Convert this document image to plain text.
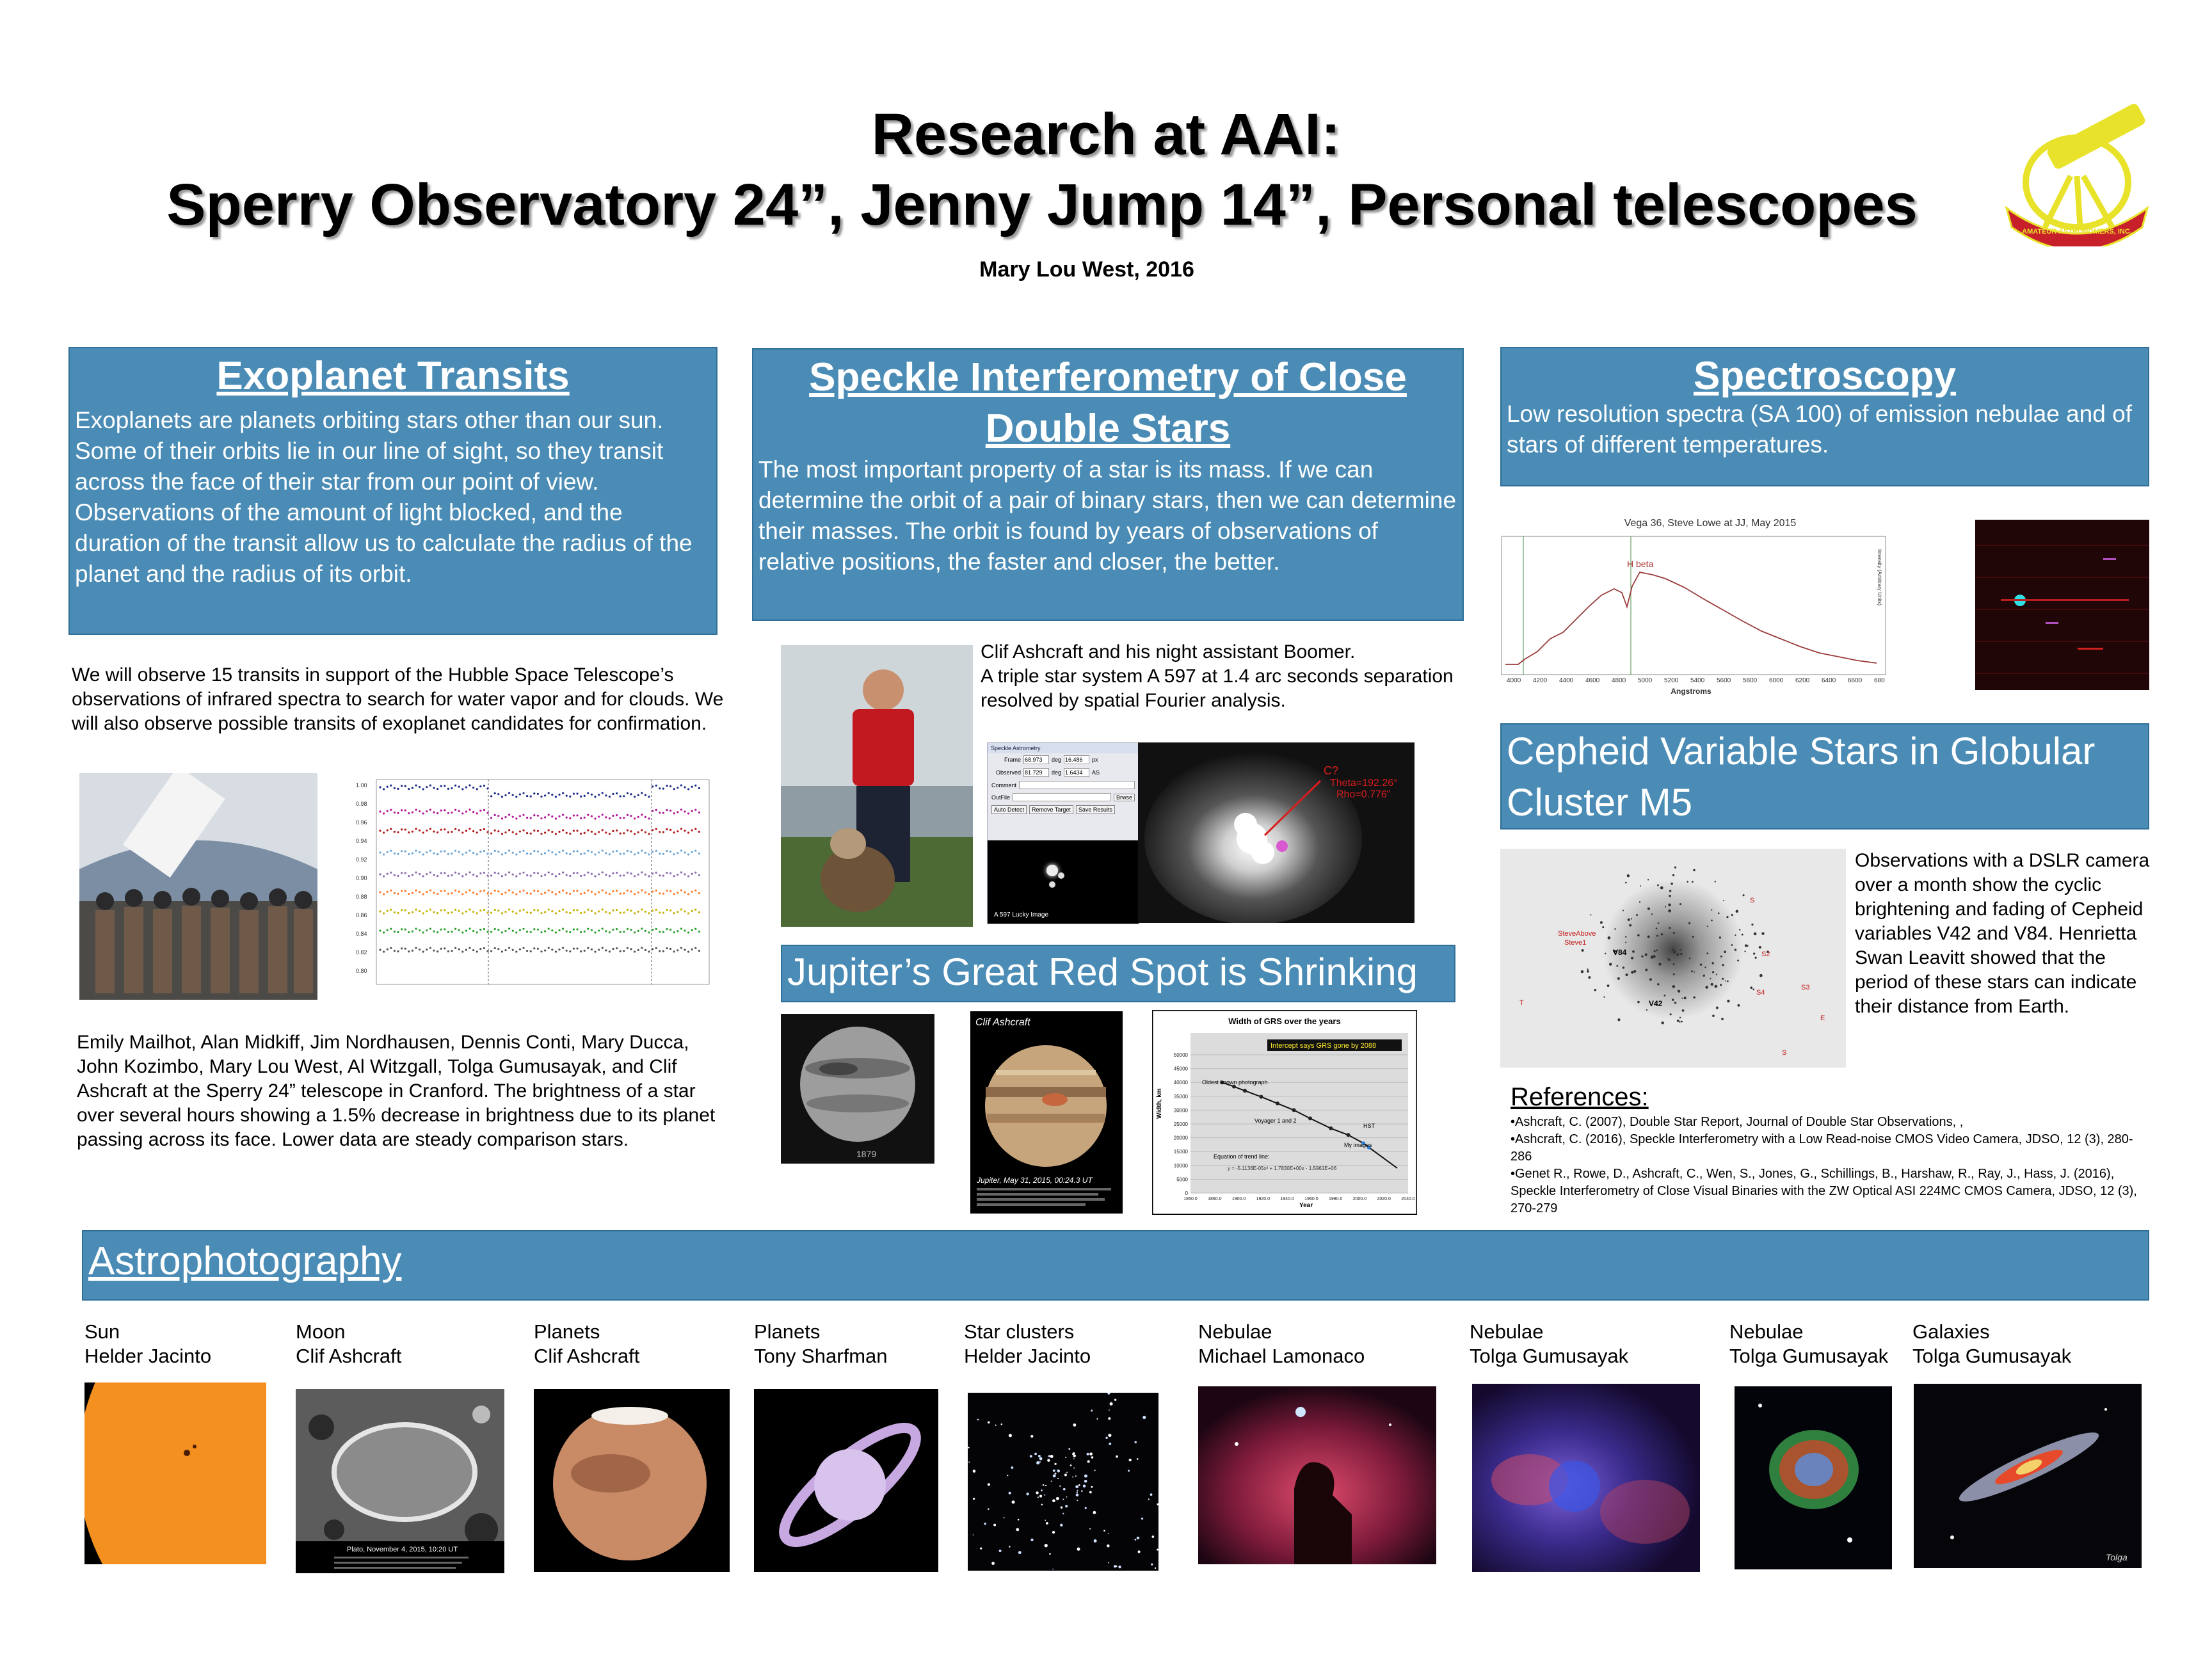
Research at AAI:
Sperry Observatory 24”, Jenny Jump 14”, Personal telescopes
Mary Lou West, 2016
AMATEUR ASTRONOMERS, INC.
Exoplanet Transits

Exoplanets are planets orbiting stars other than our sun. Some of their orbits lie in our line of sight, so they transit across the face of their star from our point of view. Observations of the amount of light blocked, and the duration of the transit allow us to calculate the radius of the planet and the radius of its orbit.

We will observe 15 transits in support of the Hubble Space Telescope’s observations of infrared spectra to search for water vapor and for clouds. We will also observe possible transits of exoplanet candidates for confirmation.
1.00
0.98
0.96
0.94
0.92
0.90
0.88
0.86
0.84
0.82
0.80
Emily Mailhot, Alan Midkiff, Jim Nordhausen, Dennis Conti, Mary Ducca, John Kozimbo, Mary Lou West, Al Witzgall, Tolga Gumusayak, and Clif Ashcraft at the Sperry 24” telescope in Cranford. The brightness of a star over several hours showing a 1.5% decrease in brightness due to its planet passing across its face. Lower data are steady comparison stars.
Speckle Interferometry of Close Double Stars

The most important property of a star is its mass. If we can determine the orbit of a pair of binary stars, then we can determine their masses. The orbit is found by years of observations of relative positions, the faster and closer, the better.

Clif Ashcraft and his night assistant Boomer.
A triple star system A 597 at 1.4 arc seconds separation resolved by spatial Fourier analysis.
Speckle Astrometry
Frame 68.973	deg 16.486	px
Observed 81.729	deg 1.6434	AS
Comment
OutFile	Brwse
Auto Detect	Remove Target	Save Results
A 597 Lucky Image
C?
Theta=192.26°
Rho=0.776”
Jupiter’s Great Red Spot is Shrinking
1879
Clif Ashcraft
Jupiter, May 31, 2015, 00:24.3 UT
Width of GRS over the years
Intercept says GRS gone by 2088
0
5000
10000
15000
20000
25000
30000
35000
40000
45000
50000
1850.0 1860.0 1900.0 1920.0 1940.0 1960.0 1980.0 2000.0 2020.0 2040.0
Oldest known photograph
Voyager 1 and 2
HST
My images
Equation of trend line:
y = -5.1136E-05x³ + 1.7830E+00x - 1.5961E+06
Year
Width, km
Spectroscopy

Low resolution spectra (SA 100) of emission nebulae and of stars of different temperatures.

Vega 36, Steve Lowe at JJ, May 2015
H beta
4000 4200 4400 4600 4800 5000 5200 5400 5600 5800 6000 6200 6400 6600 680
Angstroms
Intensity (Arbitrary Units)
Cepheid Variable Stars in Globular Cluster M5
S
SteveAbove
Steve1
S2
S3
S4
T
E
S
V84
V42
Observations with a DSLR camera over a month show the cyclic brightening and fading of Cepheid variables V42 and V84. Henrietta Swan Leavitt showed that the period of these stars can indicate their distance from Earth.
References:
•Ashcraft, C. (2007), Double Star Report, Journal of Double Star Observations, ,
•Ashcraft, C. (2016), Speckle Interferometry with a Low Read-noise CMOS Video Camera, JDSO, 12 (3), 280-286
•Genet R., Rowe, D., Ashcraft, C., Wen, S., Jones, G., Schillings, B., Harshaw, R., Ray, J., Hass, J. (2016), Speckle Interferometry of Close Visual Binaries with the ZW Optical ASI 224MC CMOS Camera, JDSO, 12 (3), 270-279
Astrophotography
Sun
Helder Jacinto
Moon
Clif Ashcraft
Planets
Clif Ashcraft
Planets
Tony Sharfman
Star clusters
Helder Jacinto
Nebulae
Michael Lamonaco
Nebulae
Tolga Gumusayak
Nebulae
Tolga Gumusayak
Galaxies
Tolga Gumusayak
Plato, November 4, 2015, 10:20 UT
Tolga
